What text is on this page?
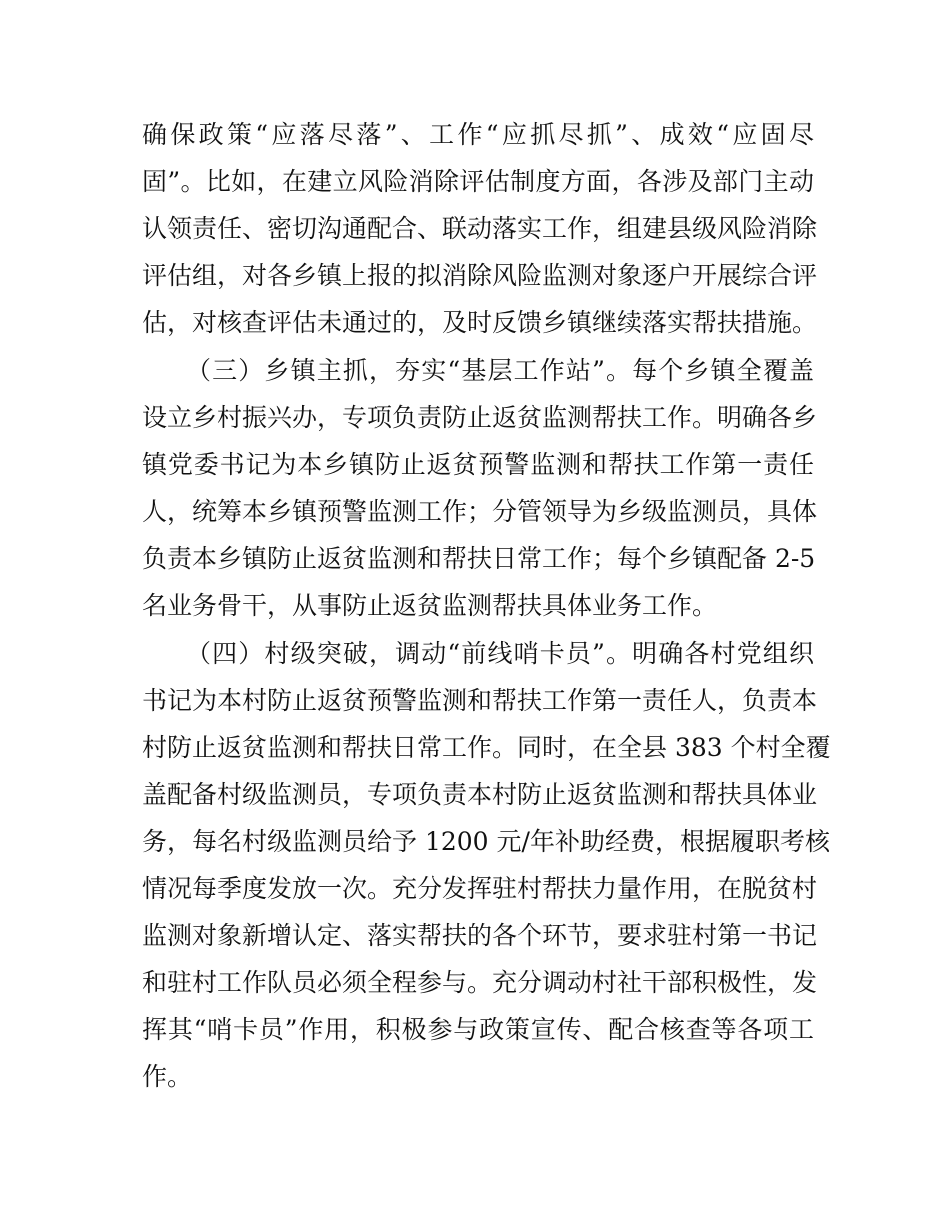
确保政策“应落尽落”、工作“应抓尽抓”、成效“应固尽
固”。比如，在建立风险消除评估制度方面，各涉及部门主动
认领责任、密切沟通配合、联动落实工作，组建县级风险消除
评估组，对各乡镇上报的拟消除风险监测对象逐户开展综合评
估，对核查评估未通过的，及时反馈乡镇继续落实帮扶措施。
（三）乡镇主抓，夯实“基层工作站”。每个乡镇全覆盖
设立乡村振兴办，专项负责防止返贫监测帮扶工作。明确各乡
镇党委书记为本乡镇防止返贫预警监测和帮扶工作第一责任
人，统筹本乡镇预警监测工作；分管领导为乡级监测员，具体
负责本乡镇防止返贫监测和帮扶日常工作；每个乡镇配备 2-5
名业务骨干，从事防止返贫监测帮扶具体业务工作。
（四）村级突破，调动“前线哨卡员”。明确各村党组织
书记为本村防止返贫预警监测和帮扶工作第一责任人，负责本
村防止返贫监测和帮扶日常工作。同时，在全县 383 个村全覆
盖配备村级监测员，专项负责本村防止返贫监测和帮扶具体业
务，每名村级监测员给予 1200 元/年补助经费，根据履职考核
情况每季度发放一次。充分发挥驻村帮扶力量作用，在脱贫村
监测对象新增认定、落实帮扶的各个环节，要求驻村第一书记
和驻村工作队员必须全程参与。充分调动村社干部积极性，发
挥其“哨卡员”作用，积极参与政策宣传、配合核查等各项工
作。
